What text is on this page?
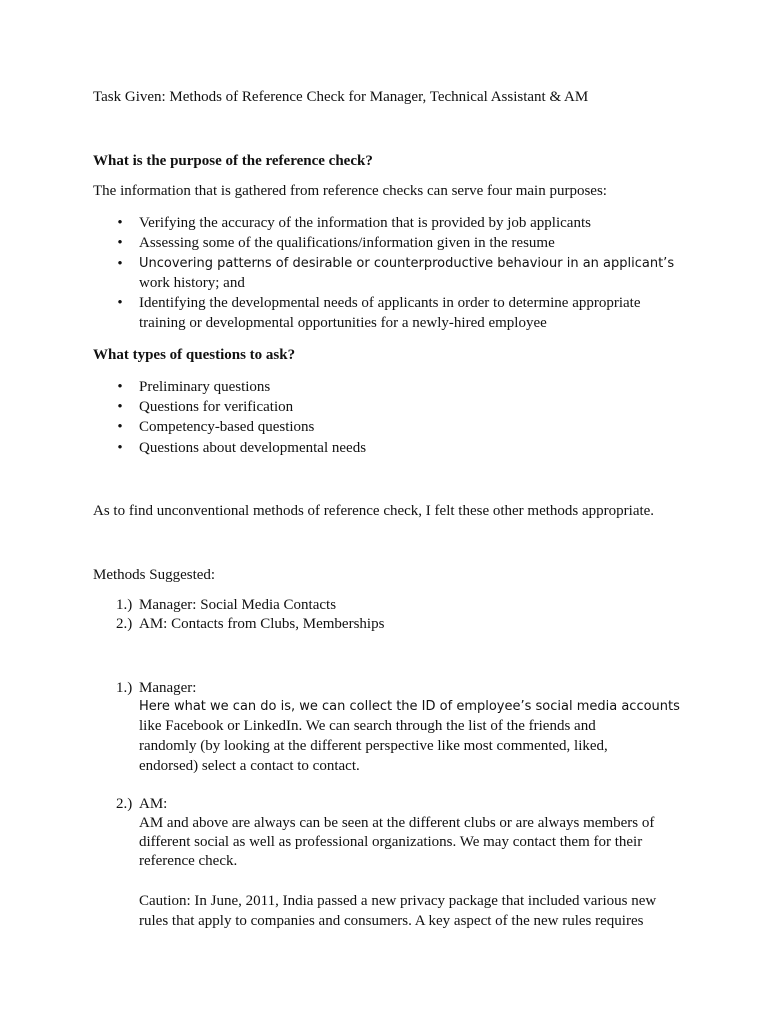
Task Given: Methods of Reference Check for Manager, Technical Assistant & AM
What is the purpose of the reference check?
The information that is gathered from reference checks can serve four main purposes:
• Verifying the accuracy of the information that is provided by job applicants
• Assessing some of the qualifications/information given in the resume
• Uncovering patterns of desirable or counterproductive behaviour in an applicant’s
work history; and
• Identifying the developmental needs of applicants in order to determine appropriate
training or developmental opportunities for a newly-hired employee
What types of questions to ask?
• Preliminary questions
• Questions for verification
• Competency-based questions
• Questions about developmental needs
As to find unconventional methods of reference check, I felt these other methods appropriate.
Methods Suggested:
1.) Manager: Social Media Contacts
2.) AM: Contacts from Clubs, Memberships
1.) Manager:
Here what we can do is, we can collect the ID of employee’s social media accounts
like Facebook or LinkedIn. We can search through the list of the friends and
randomly (by looking at the different perspective like most commented, liked,
endorsed) select a contact to contact.
2.) AM:
AM and above are always can be seen at the different clubs or are always members of
different social as well as professional organizations. We may contact them for their
reference check.
Caution: In June, 2011, India passed a new privacy package that included various new
rules that apply to companies and consumers. A key aspect of the new rules requires
